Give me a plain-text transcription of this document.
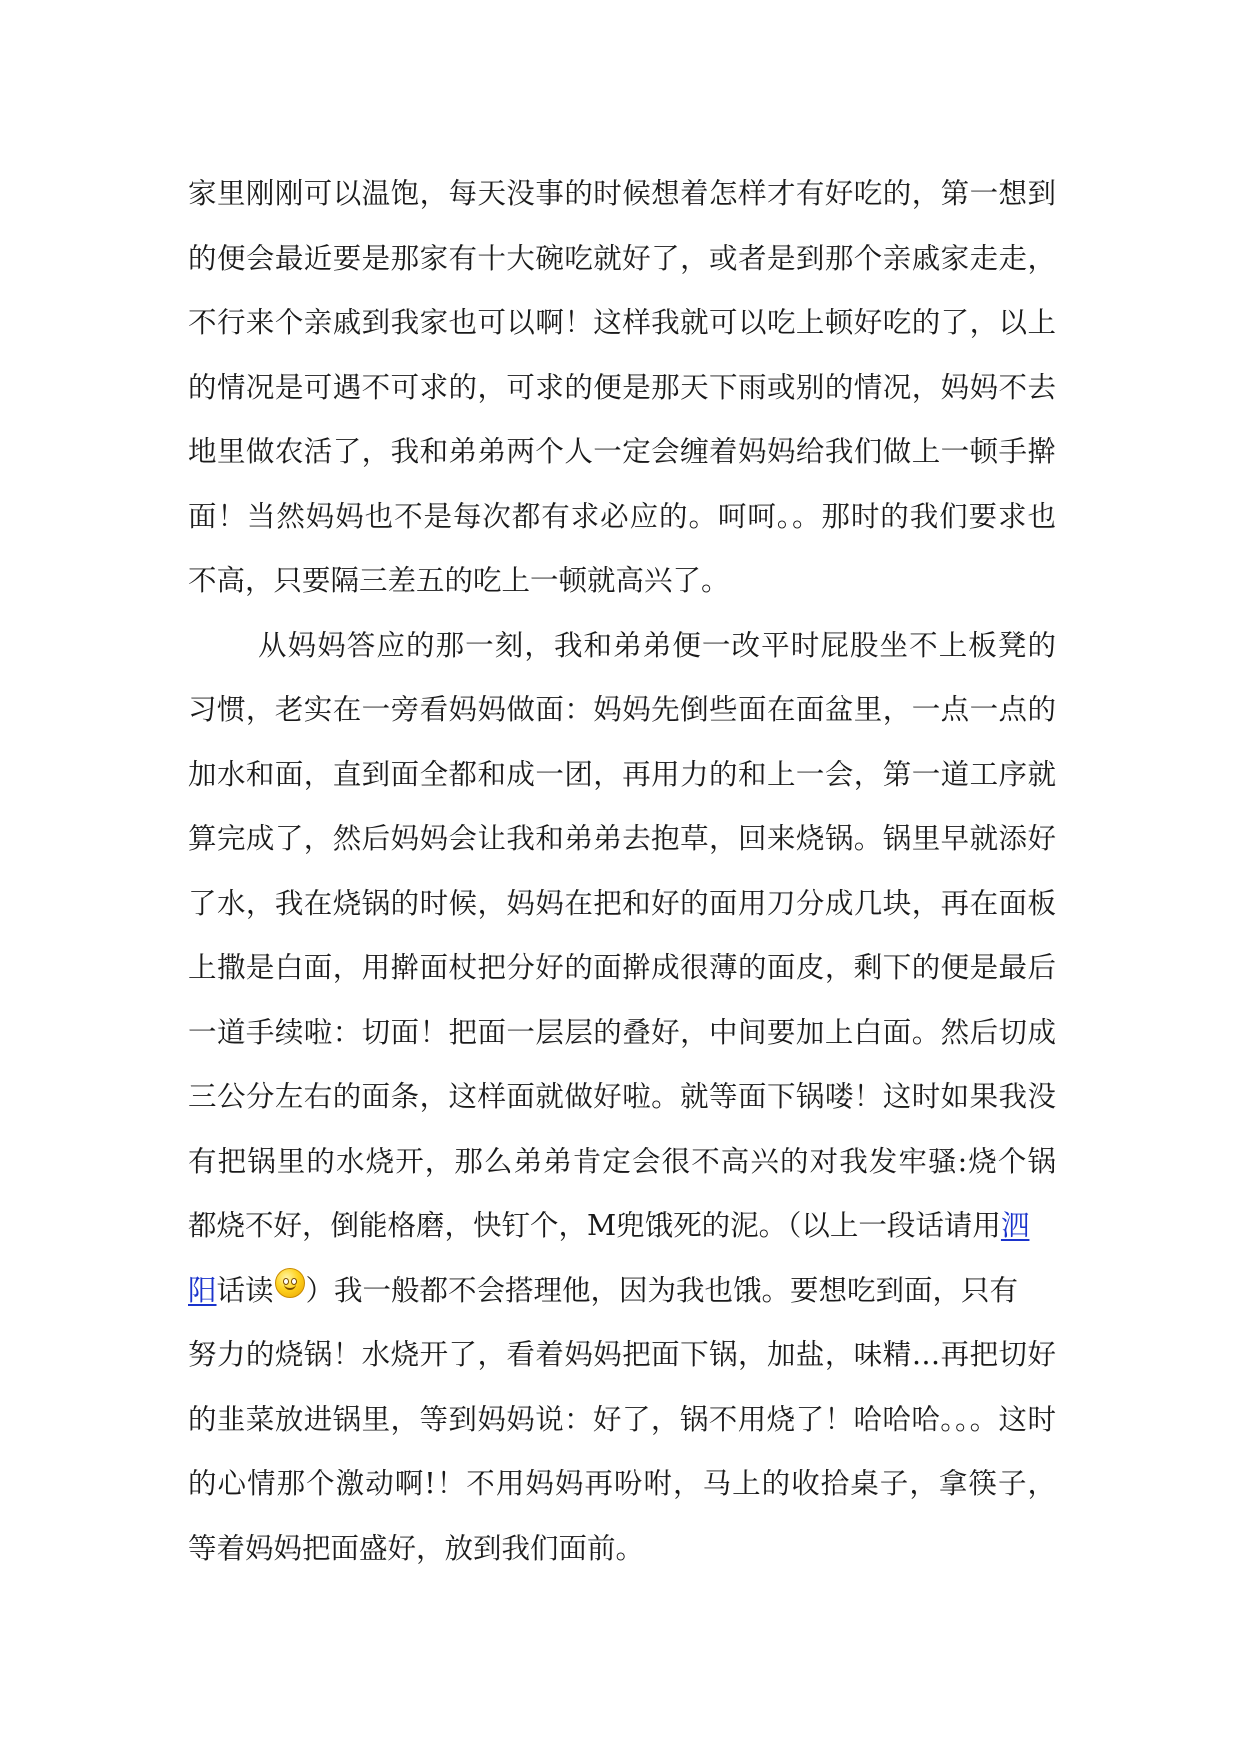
家里刚刚可以温饱，每天没事的时候想着怎样才有好吃的，第一想到
的便会最近要是那家有十大碗吃就好了，或者是到那个亲戚家走走，
不行来个亲戚到我家也可以啊！这样我就可以吃上顿好吃的了，以上
的情况是可遇不可求的，可求的便是那天下雨或别的情况，妈妈不去
地里做农活了，我和弟弟两个人一定会缠着妈妈给我们做上一顿手擀
面！当然妈妈也不是每次都有求必应的。呵呵。。那时的我们要求也
不高，只要隔三差五的吃上一顿就高兴了。
从妈妈答应的那一刻，我和弟弟便一改平时屁股坐不上板凳的
习惯，老实在一旁看妈妈做面：妈妈先倒些面在面盆里，一点一点的
加水和面，直到面全都和成一团，再用力的和上一会，第一道工序就
算完成了，然后妈妈会让我和弟弟去抱草，回来烧锅。锅里早就添好
了水，我在烧锅的时候，妈妈在把和好的面用刀分成几块，再在面板
上撒是白面，用擀面杖把分好的面擀成很薄的面皮，剩下的便是最后
一道手续啦：切面！把面一层层的叠好，中间要加上白面。然后切成
三公分左右的面条，这样面就做好啦。就等面下锅喽！这时如果我没
有把锅里的水烧开，那么弟弟肯定会很不高兴的对我发牢骚:烧个锅
都烧不好，倒能格磨，快钉个，M兜饿死的泥。（以上一段话请用泗
阳话读 ）我一般都不会搭理他，因为我也饿。要想吃到面，只有
努力的烧锅！水烧开了，看着妈妈把面下锅，加盐，味精…再把切好
的韭菜放进锅里，等到妈妈说：好了，锅不用烧了！哈哈哈。。。这时
的心情那个激动啊!！不用妈妈再吩咐，马上的收拾桌子，拿筷子，
等着妈妈把面盛好，放到我们面前。
